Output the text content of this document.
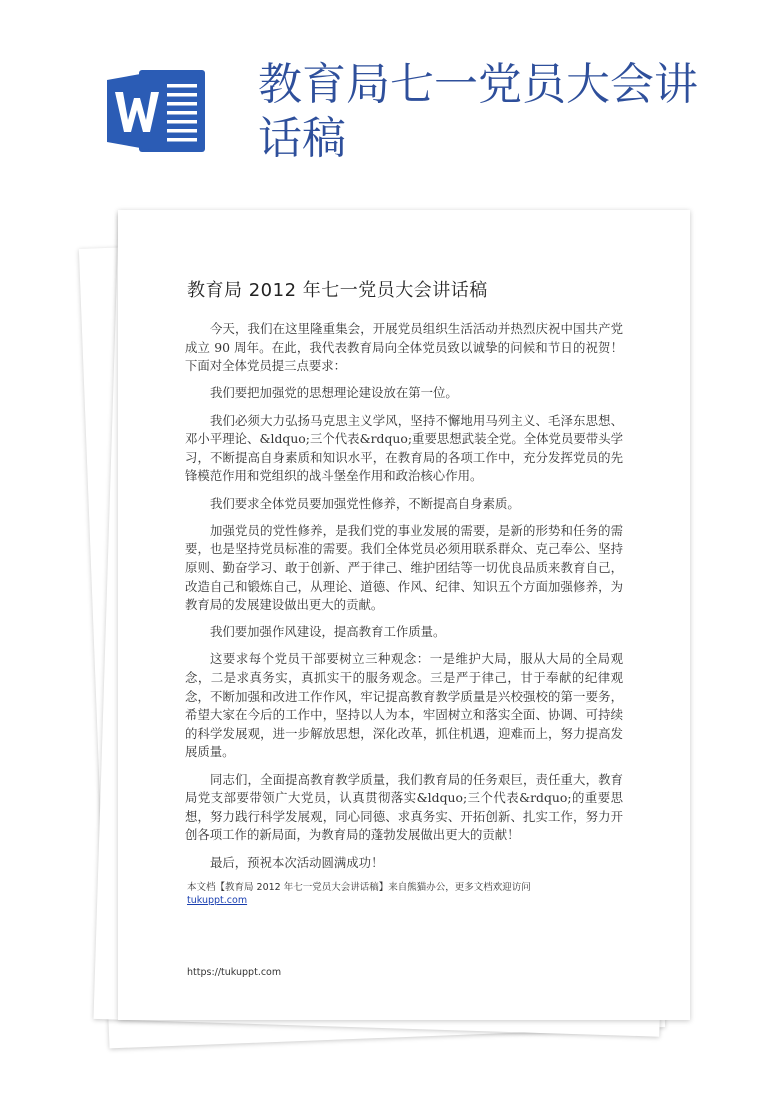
教育局七一党员大会讲
话稿
教育局 2012 年七一党员大会讲话稿

今天，我们在这里隆重集会，开展党员组织生活活动并热烈庆祝中国共产党成立 90 周年。在此，我代表教育局向全体党员致以诚挚的问候和节日的祝贺！下面对全体党员提三点要求：

我们要把加强党的思想理论建设放在第一位。

我们必须大力弘扬马克思主义学风，坚持不懈地用马列主义、毛泽东思想、邓小平理论、&ldquo;三个代表&rdquo;重要思想武装全党。全体党员要带头学习，不断提高自身素质和知识水平，在教育局的各项工作中，充分发挥党员的先锋模范作用和党组织的战斗堡垒作用和政治核心作用。

我们要求全体党员要加强党性修养，不断提高自身素质。

加强党员的党性修养，是我们党的事业发展的需要，是新的形势和任务的需要，也是坚持党员标准的需要。我们全体党员必须用联系群众、克己奉公、坚持原则、勤奋学习、敢于创新、严于律己、维护团结等一切优良品质来教育自己，改造自己和锻炼自己，从理论、道德、作风、纪律、知识五个方面加强修养，为教育局的发展建设做出更大的贡献。

我们要加强作风建设，提高教育工作质量。

这要求每个党员干部要树立三种观念：一是维护大局，服从大局的全局观念，二是求真务实，真抓实干的服务观念。三是严于律己，甘于奉献的纪律观念，不断加强和改进工作作风，牢记提高教育教学质量是兴校强校的第一要务，希望大家在今后的工作中，坚持以人为本，牢固树立和落实全面、协调、可持续的科学发展观，进一步解放思想，深化改革，抓住机遇，迎难而上，努力提高发展质量。

同志们，全面提高教育教学质量，我们教育局的任务艰巨，责任重大，教育局党支部要带领广大党员，认真贯彻落实&ldquo;三个代表&rdquo;的重要思想，努力践行科学发展观，同心同德、求真务实、开拓创新、扎实工作，努力开创各项工作的新局面，为教育局的蓬勃发展做出更大的贡献！

最后，预祝本次活动圆满成功！

本文档【教育局 2012 年七一党员大会讲话稿】来自熊猫办公，更多文档欢迎访问
tukuppt.com
https://tukuppt.com
